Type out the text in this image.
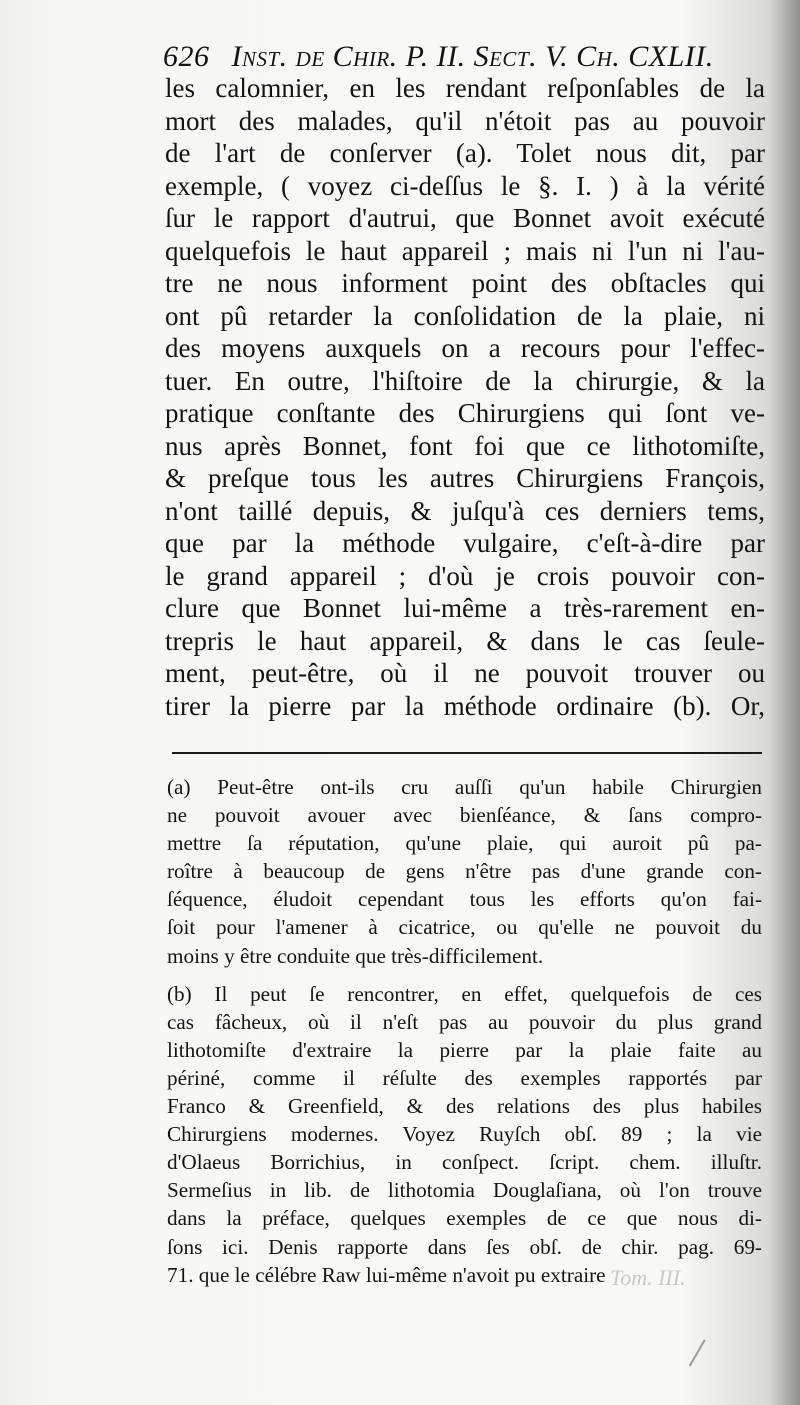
626 Inst. de Chir. P. II. Sect. V. Ch. CXLII.
les calomnier, en les rendant reſponſables de la
mort des malades, qu'il n'étoit pas au pouvoir
de l'art de conſerver (a). Tolet nous dit, par
exemple, ( voyez ci-deſſus le §. I. ) à la vérité
ſur le rapport d'autrui, que Bonnet avoit exécuté
quelquefois le haut appareil ; mais ni l'un ni l'au-
tre ne nous informent point des obſtacles qui
ont pû retarder la conſolidation de la plaie, ni
des moyens auxquels on a recours pour l'effec-
tuer. En outre, l'hiſtoire de la chirurgie, & la
pratique conſtante des Chirurgiens qui ſont ve-
nus après Bonnet, font foi que ce lithotomiſte,
& preſque tous les autres Chirurgiens François,
n'ont taillé depuis, & juſqu'à ces derniers tems,
que par la méthode vulgaire, c'eſt-à-dire par
le grand appareil ; d'où je crois pouvoir con-
clure que Bonnet lui-même a très-rarement en-
trepris le haut appareil, & dans le cas ſeule-
ment, peut-être, où il ne pouvoit trouver ou
tirer la pierre par la méthode ordinaire (b). Or,
(a) Peut-être ont-ils cru auſſi qu'un habile Chirurgien
ne pouvoit avouer avec bienſéance, & ſans compro-
mettre ſa réputation, qu'une plaie, qui auroit pû pa-
roître à beaucoup de gens n'être pas d'une grande con-
ſéquence, éludoit cependant tous les efforts qu'on fai-
ſoit pour l'amener à cicatrice, ou qu'elle ne pouvoit du
moins y être conduite que très-difficilement.
(b) Il peut ſe rencontrer, en effet, quelquefois de ces
cas fâcheux, où il n'eſt pas au pouvoir du plus grand
lithotomiſte d'extraire la pierre par la plaie faite au
périné, comme il réſulte des exemples rapportés par
Franco & Greenfield, & des relations des plus habiles
Chirurgiens modernes. Voyez Ruyſch obſ. 89 ; la vie
d'Olaeus Borrichius, in conſpect. ſcript. chem. illuſtr.
Sermeſius in lib. de lithotomia Douglaſiana, où l'on trouve
dans la préface, quelques exemples de ce que nous di-
ſons ici. Denis rapporte dans ſes obſ. de chir. pag. 69-
71. que le célébre Raw lui-même n'avoit pu extraire Tom. III.
